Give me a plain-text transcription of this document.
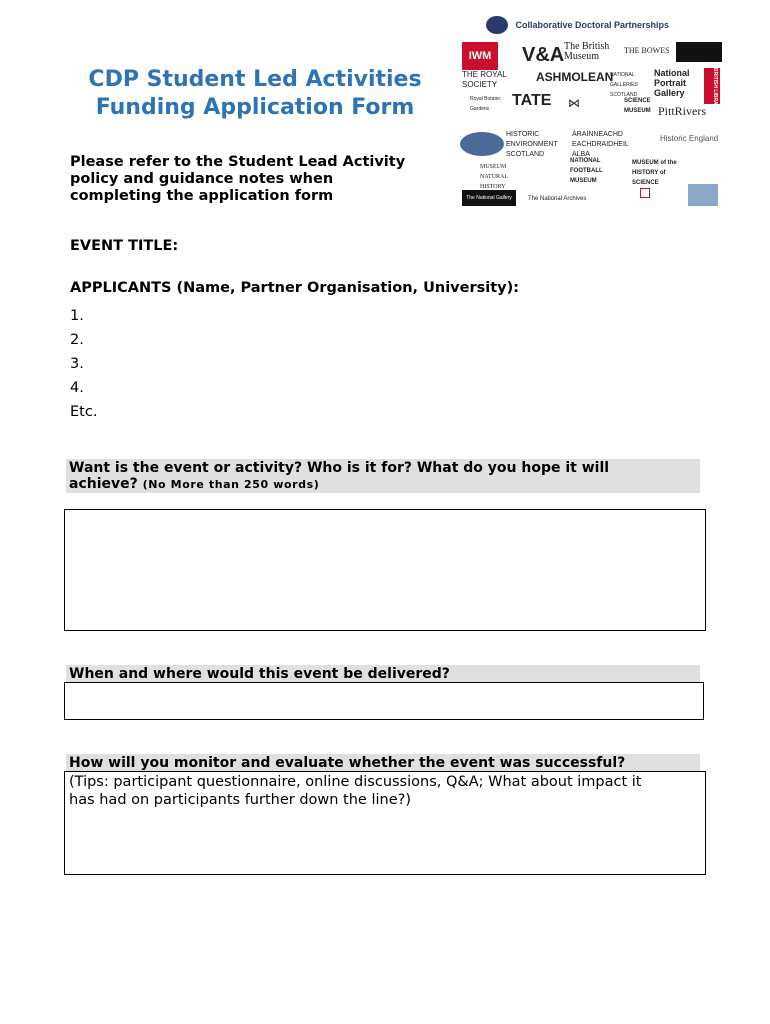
CDP Student Led Activities
Funding Application Form
Please refer to the Student Lead Activity
policy and guidance notes when
completing the application form
Collaborative Doctoral Partnerships
IWM	V&A The British Museum
THE BOWES
THE ROYAL SOCIETY
ASHMOLEAN
NATIONAL GALLERIES SCOTLAND
National Portrait Gallery	BRITISH LIBRARY
Royal Botanic Gardens	TATE ⋈	SCIENCE MUSEUM PittRivers
HISTORIC ENVIRONMENT SCOTLAND
ÀRAINNEACHD EACHDRAIDHEIL ALBA
Historic England
MUSEUM NATURAL HISTORY
NATIONAL FOOTBALL MUSEUM
MUSEUM of the HISTORY of SCIENCE
The National Gallery	The National Archives
EVENT TITLE:
APPLICANTS (Name, Partner Organisation, University):
1.
2.
3.
4.
Etc.
Want is the event or activity? Who is it for? What do you hope it will
achieve? (No More than 250 words)
When and where would this event be delivered?
How will you monitor and evaluate whether the event was successful?
(Tips: participant questionnaire, online discussions, Q&A; What about impact it
has had on participants further down the line?)
